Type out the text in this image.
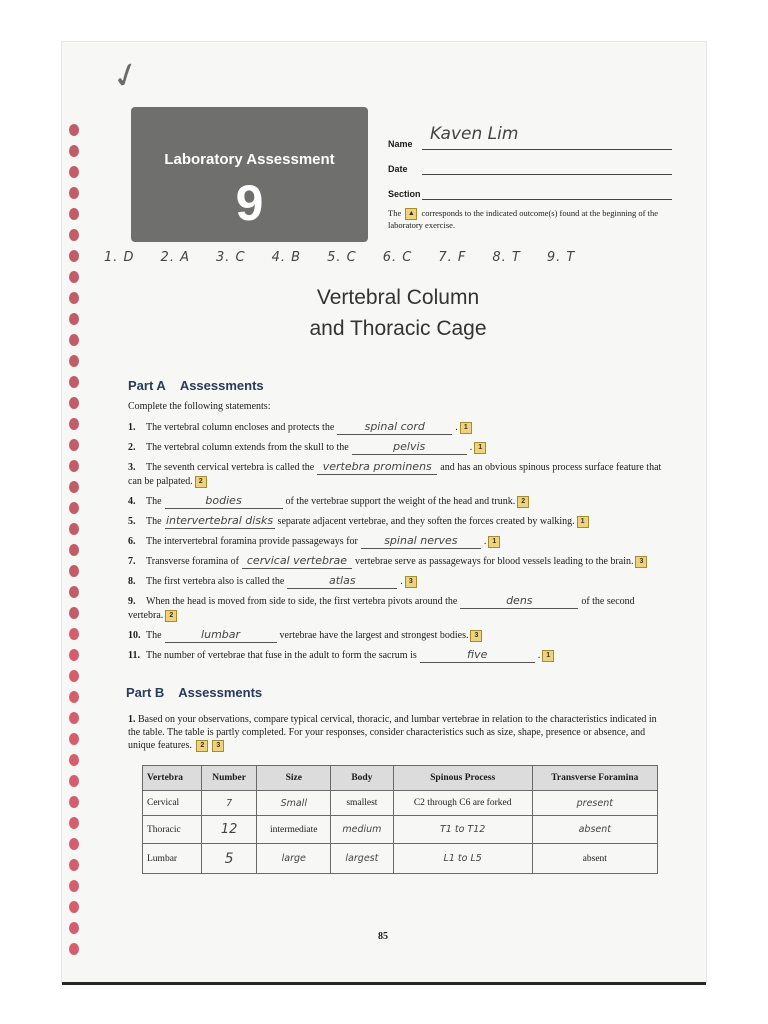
✓
Laboratory Assessment
9
Name Kaven Lim
Date
Section
The ▲ corresponds to the indicated outcome(s) found at the beginning of the laboratory exercise.
1. D 2. A 3. C 4. B 5. C 6. C 7. F 8. T 9. T
Vertebral Column
and Thoracic Cage
Part A Assessments
Complete the following statements:
1. The vertebral column encloses and protects the	spinal cord	. 1
2. The vertebral column extends from the skull to the	pelvis	. 1
3. The seventh cervical vertebra is called the vertebra prominens and has an obvious spinous process surface feature that can be palpated. 2
4. The	bodies	of the vertebrae support the weight of the head and trunk. 2
5. The intervertebral disks separate adjacent vertebrae, and they soften the forces created by walking. 1
6. The intervertebral foramina provide passageways for spinal nerves	. 1
7. Transverse foramina of cervical vertebrae vertebrae serve as passageways for blood vessels leading to the brain. 3
8. The first vertebra also is called the	atlas	. 3
9. When the head is moved from side to side, the first vertebra pivots around the	dens	of the second vertebra. 2
10. The	lumbar	vertebrae have the largest and strongest bodies. 3
11. The number of vertebrae that fuse in the adult to form the sacrum is	five	. 1
Part B Assessments
1. Based on your observations, compare typical cervical, thoracic, and lumbar vertebrae in relation to the characteristics indicated in the table. The table is partly completed. For your responses, consider characteristics such as size, shape, presence or absence, and unique features. 2 3
Vertebra	Number	Size	Body	Spinous Process	Transverse Foramina
Cervical	7	Small	smallest	C2 through C6 are forked	present
Thoracic	12	intermediate	medium	T1 to T12	absent
Lumbar	5	large	largest	L1 to L5	absent
85
